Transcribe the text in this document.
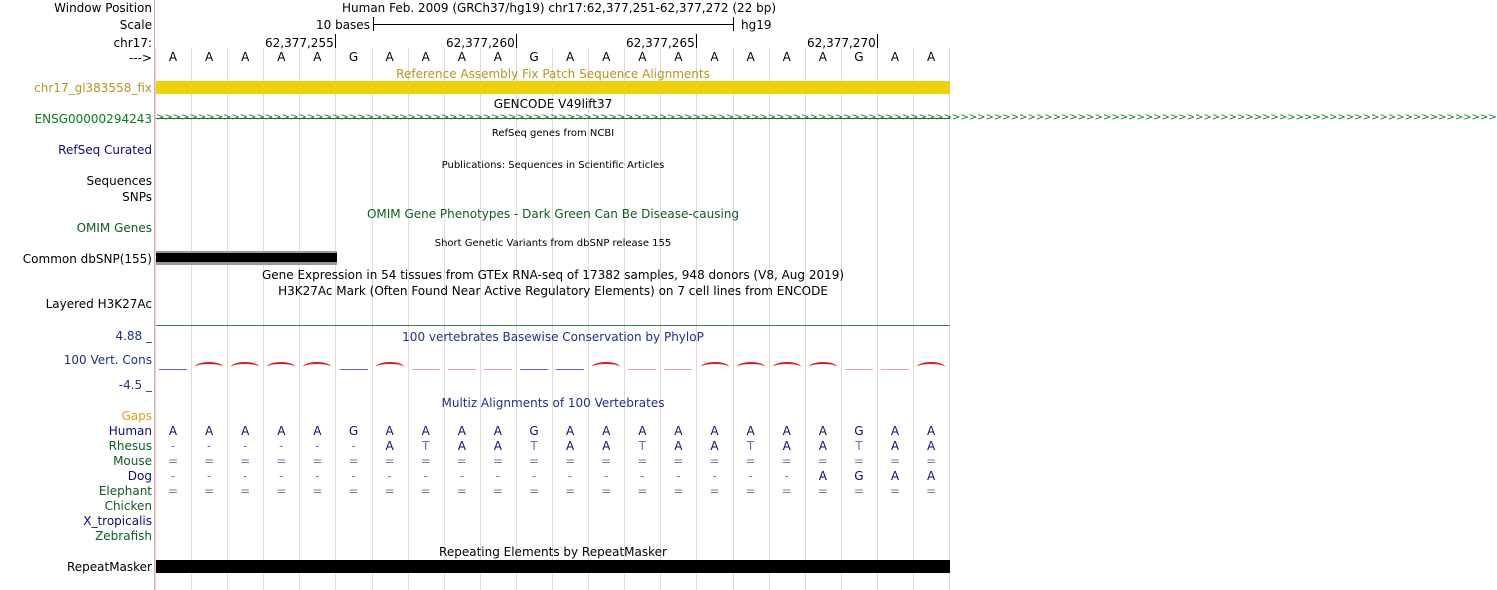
Window Position	Human Feb. 2009 (GRCh37/hg19) chr17:62,377,251-62,377,272 (22 bp)
Scale	10 bases	hg19
chr17:	62,377,255	62,377,260	62,377,265	62,377,270
---> A A A A A G A A A A G A A A A A A A A G A A
Reference Assembly Fix Patch Sequence Alignments
chr17_gl383558_fix
GENCODE V49lift37
ENSG00000294243 >>>>>>>>>>>>>>>>>>>>>>>>>>>>>>>>>>>>>>>>>>>>>>>>>>>>>>>>>>>>>>>>>>>>>>>>>>>>>>>>>>>>>>>>>>>>>>>>>>>>>>>>>>>>>>>>>>>>>>>>>>>>>>>>>>>>>>>>>>>>>>>>>>>>>>>>>>>>>>>>
RefSeq genes from NCBI
RefSeq Curated
Publications: Sequences in Scientific Articles
Sequences
SNPs
OMIM Gene Phenotypes - Dark Green Can Be Disease-causing
OMIM Genes
Short Genetic Variants from dbSNP release 155
Common dbSNP(155)
Gene Expression in 54 tissues from GTEx RNA-seq of 17382 samples, 948 donors (V8, Aug 2019)
H3K27Ac Mark (Often Found Near Active Regulatory Elements) on 7 cell lines from ENCODE
Layered H3K27Ac
4.88 _	100 vertebrates Basewise Conservation by PhyloP
100 Vert. Cons
-4.5 _
Multiz Alignments of 100 Vertebrates
Gaps
Human A A A A A G A A A A G A A A A A A A A G A A
Rhesus	-	-	-	-	-	-	A T A A T A A T A A T A A T A A
Mouse = = = = = = = = = = = = = = = = = = = = = =
Dog	-	-	-	-	-	-	-	-	-	-	-	-	-	-	-	-	-	-	A G A A
Elephant = = = = = = = = = = = = = = = = = = = = = =
Chicken
X_tropicalis
Zebrafish
Repeating Elements by RepeatMasker
RepeatMasker
